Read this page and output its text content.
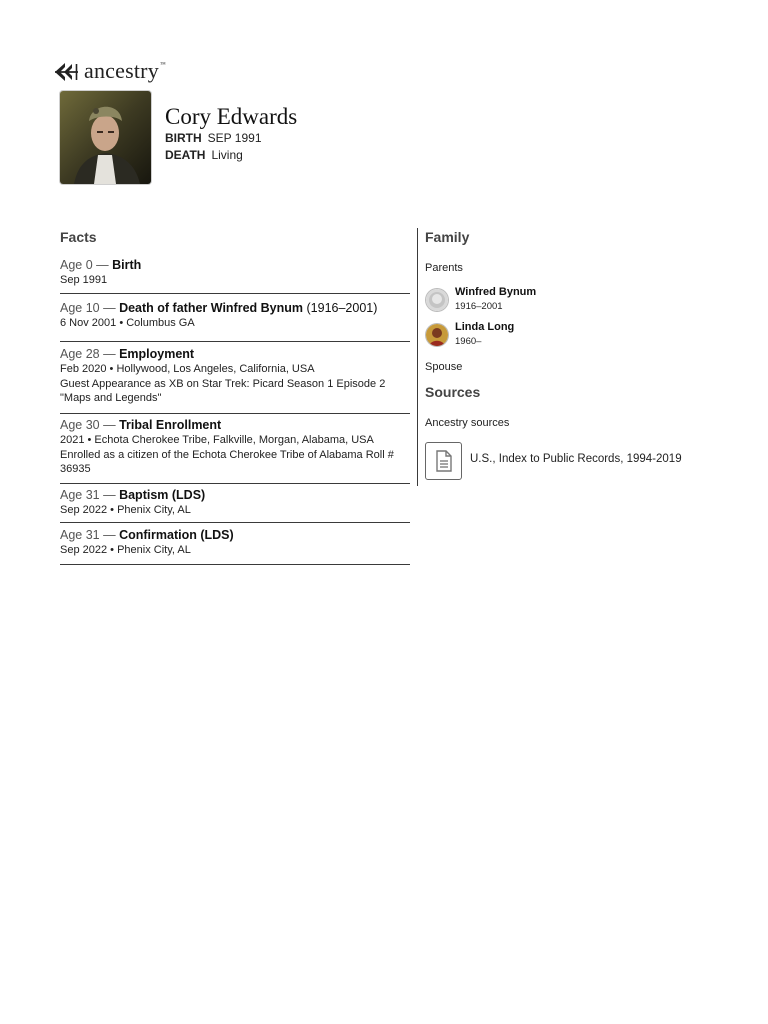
ancestry™
Cory Edwards
BIRTH SEP 1991
DEATH Living
Facts
Age 0 — Birth
Sep 1991
Age 10 — Death of father Winfred Bynum (1916–2001)
6 Nov 2001 • Columbus GA
Age 28 — Employment
Feb 2020 • Hollywood, Los Angeles, California, USA
Guest Appearance as XB on Star Trek: Picard Season 1 Episode 2
"Maps and Legends"
Age 30 — Tribal Enrollment
2021 • Echota Cherokee Tribe, Falkville, Morgan, Alabama, USA
Enrolled as a citizen of the Echota Cherokee Tribe of Alabama Roll #
36935
Age 31 — Baptism (LDS)
Sep 2022 • Phenix City, AL
Age 31 — Confirmation (LDS)
Sep 2022 • Phenix City, AL
Family
Parents
Winfred Bynum
1916–2001
Linda Long
1960–
Spouse
Sources
Ancestry sources
U.S., Index to Public Records, 1994-2019
